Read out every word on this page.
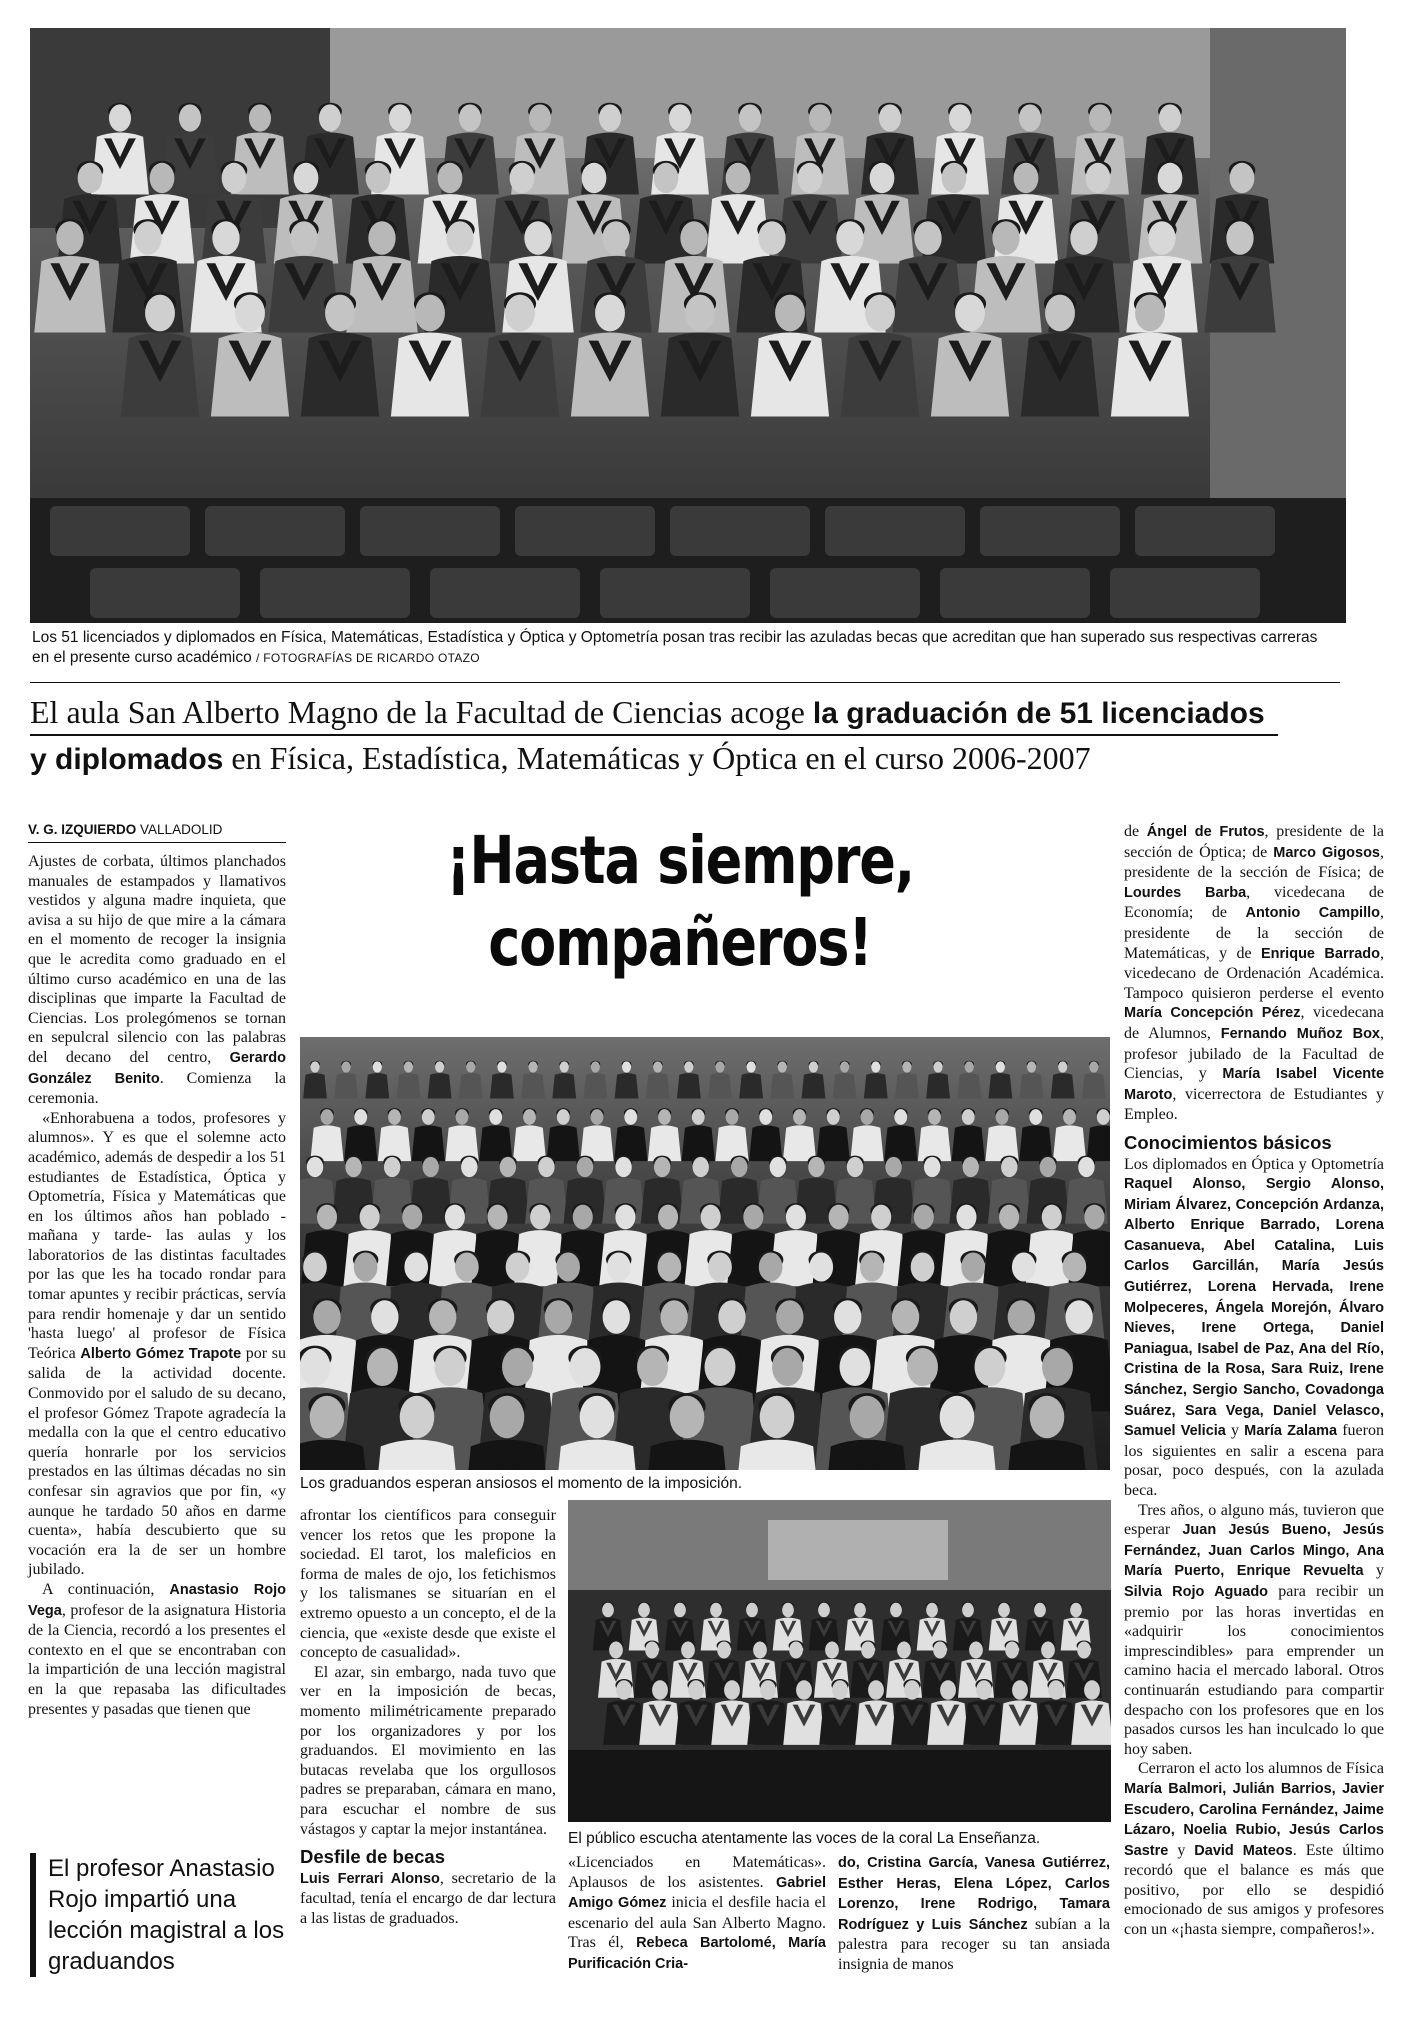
Los 51 licenciados y diplomados en Física, Matemáticas, Estadística y Óptica y Optometría posan tras recibir las azuladas becas que acreditan que han superado sus respectivas carreras en el presente curso académico / FOTOGRAFÍAS DE RICARDO OTAZO
El aula San Alberto Magno de la Facultad de Ciencias acoge la graduación de 51 licenciados y diplomados en Física, Estadística, Matemáticas y Óptica en el curso 2006-2007
V. G. IZQUIERDO VALLADOLID	¡Hasta siempre,
compañeros!
Los graduandos esperan ansiosos el momento de la imposición.
El público escucha atentamente las voces de la coral La Enseñanza.
El profesor Anastasio Rojo impartió una lección magistral a los graduandos

Ajustes de corbata, últimos planchados manuales de estampados y llamativos vestidos y alguna madre inquieta, que avisa a su hijo de que mire a la cámara en el momento de recoger la insignia que le acredita como graduado en el último curso académico en una de las disciplinas que imparte la Facultad de Ciencias. Los prolegómenos se tornan en sepulcral silencio con las palabras del decano del centro, Gerardo González Benito. Comienza la ceremonia.

«Enhorabuena a todos, profesores y alumnos». Y es que el solemne acto académico, además de despedir a los 51 estudiantes de Estadística, Óptica y Optometría, Física y Matemáticas que en los últimos años han poblado -mañana y tarde- las aulas y los laboratorios de las distintas facultades por las que les ha tocado rondar para tomar apuntes y recibir prácticas, servía para rendir homenaje y dar un sentido 'hasta luego' al profesor de Física Teórica Alberto Gómez Trapote por su salida de la actividad docente. Conmovido por el saludo de su decano, el profesor Gómez Trapote agradecía la medalla con la que el centro educativo quería honrarle por los servicios prestados en las últimas décadas no sin confesar sin agravios que por fin, «y aunque he tardado 50 años en darme cuenta», había descubierto que su vocación era la de ser un hombre jubilado.

A continuación, Anastasio Rojo Vega, profesor de la asignatura Historia de la Ciencia, recordó a los presentes el contexto en el que se encontraban con la impartición de una lección magistral en la que repasaba las dificultades presentes y pasadas que tienen que

afrontar los científicos para conseguir vencer los retos que les propone la sociedad. El tarot, los maleficios en forma de males de ojo, los fetichismos y los talismanes se situarían en el extremo opuesto a un concepto, el de la ciencia, que «existe desde que existe el concepto de casualidad».

El azar, sin embargo, nada tuvo que ver en la imposición de becas, momento milimétricamente preparado por los organizadores y por los graduandos. El movimiento en las butacas revelaba que los orgullosos padres se preparaban, cámara en mano, para escuchar el nombre de sus vástagos y captar la mejor instantánea.

Desfile de becas

Luis Ferrari Alonso, secretario de la facultad, tenía el encargo de dar lectura a las listas de graduados.

«Licenciados en Matemáticas». Aplausos de los asistentes. Gabriel Amigo Gómez inicia el desfile hacia el escenario del aula San Alberto Magno. Tras él, Rebeca Bartolomé, María Purificación Cria-

do, Cristina García, Vanesa Gutiérrez, Esther Heras, Elena López, Carlos Lorenzo, Irene Rodrigo, Tamara Rodríguez y Luis Sánchez subían a la palestra para recoger su tan ansiada insignia de manos

de Ángel de Frutos, presidente de la sección de Óptica; de Marco Gigosos, presidente de la sección de Física; de Lourdes Barba, vicedecana de Economía; de Antonio Campillo, presidente de la sección de Matemáticas, y de Enrique Barrado, vicedecano de Ordenación Académica. Tampoco quisieron perderse el evento María Concepción Pérez, vicedecana de Alumnos, Fernando Muñoz Box, profesor jubilado de la Facultad de Ciencias, y María Isabel Vicente Maroto, vicerrectora de Estudiantes y Empleo.

Conocimientos básicos

Los diplomados en Óptica y Optometría Raquel Alonso, Sergio Alonso, Miriam Álvarez, Concepción Ardanza, Alberto Enrique Barrado, Lorena Casanueva, Abel Catalina, Luis Carlos Garcillán, María Jesús Gutiérrez, Lorena Hervada, Irene Molpeceres, Ángela Morejón, Álvaro Nieves, Irene Ortega, Daniel Paniagua, Isabel de Paz, Ana del Río, Cristina de la Rosa, Sara Ruiz, Irene Sánchez, Sergio Sancho, Covadonga Suárez, Sara Vega, Daniel Velasco, Samuel Velicia y María Zalama fueron los siguientes en salir a escena para posar, poco después, con la azulada beca.

Tres años, o alguno más, tuvieron que esperar Juan Jesús Bueno, Jesús Fernández, Juan Carlos Mingo, Ana María Puerto, Enrique Revuelta y Silvia Rojo Aguado para recibir un premio por las horas invertidas en «adquirir los conocimientos imprescindibles» para emprender un camino hacia el mercado laboral. Otros continuarán estudiando para compartir despacho con los profesores que en los pasados cursos les han inculcado lo que hoy saben.

Cerraron el acto los alumnos de Física María Balmori, Julián Barrios, Javier Escudero, Carolina Fernández, Jaime Lázaro, Noelia Rubio, Jesús Carlos Sastre y David Mateos. Este último recordó que el balance es más que positivo, por ello se despidió emocionado de sus amigos y profesores con un «¡hasta siempre, compañeros!».
